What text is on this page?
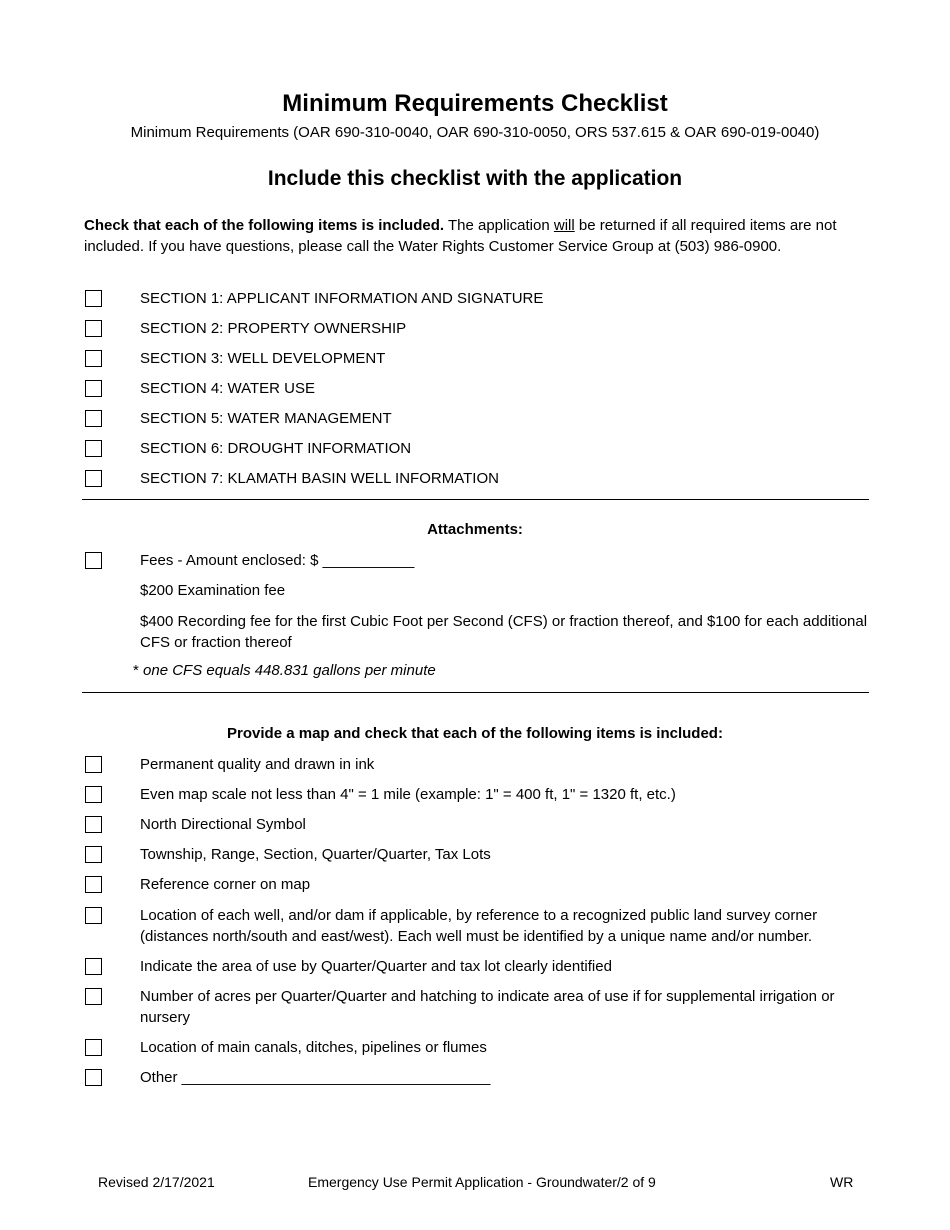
Minimum Requirements Checklist
Minimum Requirements (OAR 690-310-0040, OAR 690-310-0050, ORS 537.615 & OAR 690-019-0040)
Include this checklist with the application
Check that each of the following items is included. The application will be returned if all required items are not included. If you have questions, please call the Water Rights Customer Service Group at (503) 986-0900.
SECTION 1: APPLICANT INFORMATION AND SIGNATURE
SECTION 2: PROPERTY OWNERSHIP
SECTION 3: WELL DEVELOPMENT
SECTION 4: WATER USE
SECTION 5: WATER MANAGEMENT
SECTION 6: DROUGHT INFORMATION
SECTION 7: KLAMATH BASIN WELL INFORMATION
Attachments:
Fees - Amount enclosed: $ ___________
$200 Examination fee
$400 Recording fee for the first Cubic Foot per Second (CFS) or fraction thereof, and $100 for each additional CFS or fraction thereof
* one CFS equals 448.831 gallons per minute
Provide a map and check that each of the following items is included:
Permanent quality and drawn in ink
Even map scale not less than 4" = 1 mile (example: 1" = 400 ft, 1" = 1320 ft, etc.)
North Directional Symbol
Township, Range, Section, Quarter/Quarter, Tax Lots
Reference corner on map
Location of each well, and/or dam if applicable, by reference to a recognized public land survey corner (distances north/south and east/west). Each well must be identified by a unique name and/or number.
Indicate the area of use by Quarter/Quarter and tax lot clearly identified
Number of acres per Quarter/Quarter and hatching to indicate area of use if for supplemental irrigation or nursery
Location of main canals, ditches, pipelines or flumes
Other _____________________________________
Revised 2/17/2021	Emergency Use Permit Application - Groundwater/2 of 9	WR
